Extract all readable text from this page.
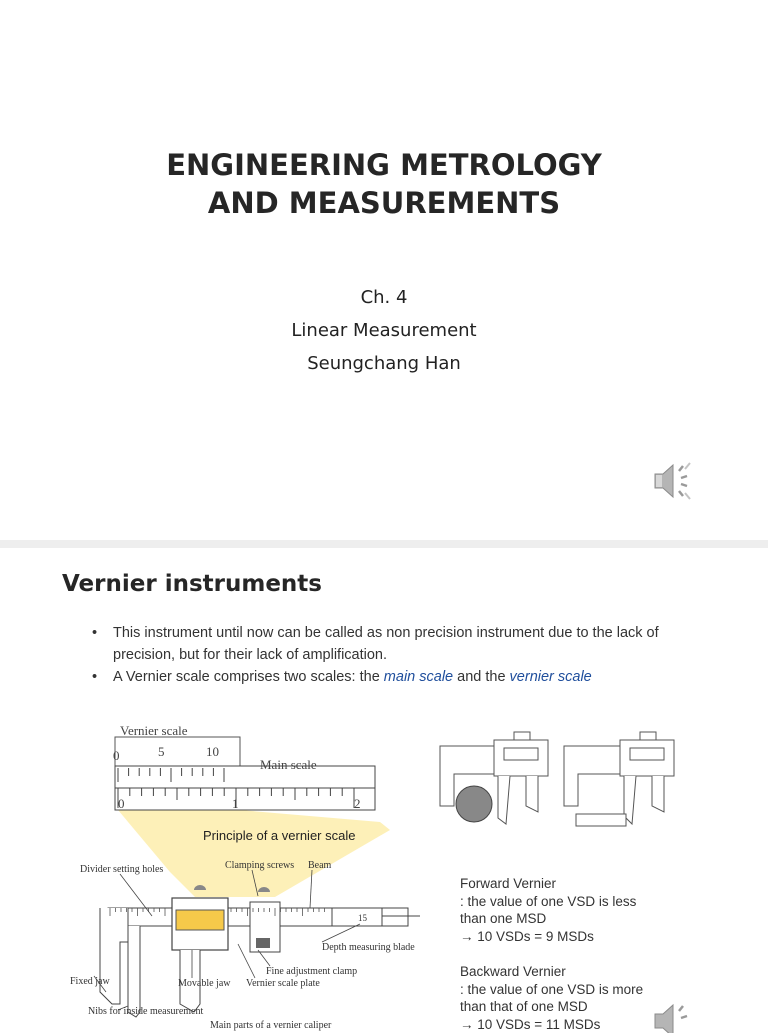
ENGINEERING METROLOGY
AND MEASUREMENTS
Ch. 4
Linear Measurement
Seungchang Han
Vernier instruments
• This instrument until now can be called as non precision instrument due to the lack of precision, but for their lack of amplification.
• A Vernier scale comprises two scales: the main scale and the vernier scale
Vernier scale
Main scale
0	5	10
0	1	2
Principle of a vernier scale
15
Divider setting holes	Clamping screws Beam
Depth measuring blade
Fine adjustment clamp
Vernier scale plate
Movable jaw
Fixed jaw
Nibs for inside measurement
Main parts of a vernier caliper
Forward Vernier
: the value of one VSD is less
than one MSD
→ 10 VSDs = 9 MSDs
Backward Vernier
: the value of one VSD is more
than that of one MSD
→ 10 VSDs = 11 MSDs
